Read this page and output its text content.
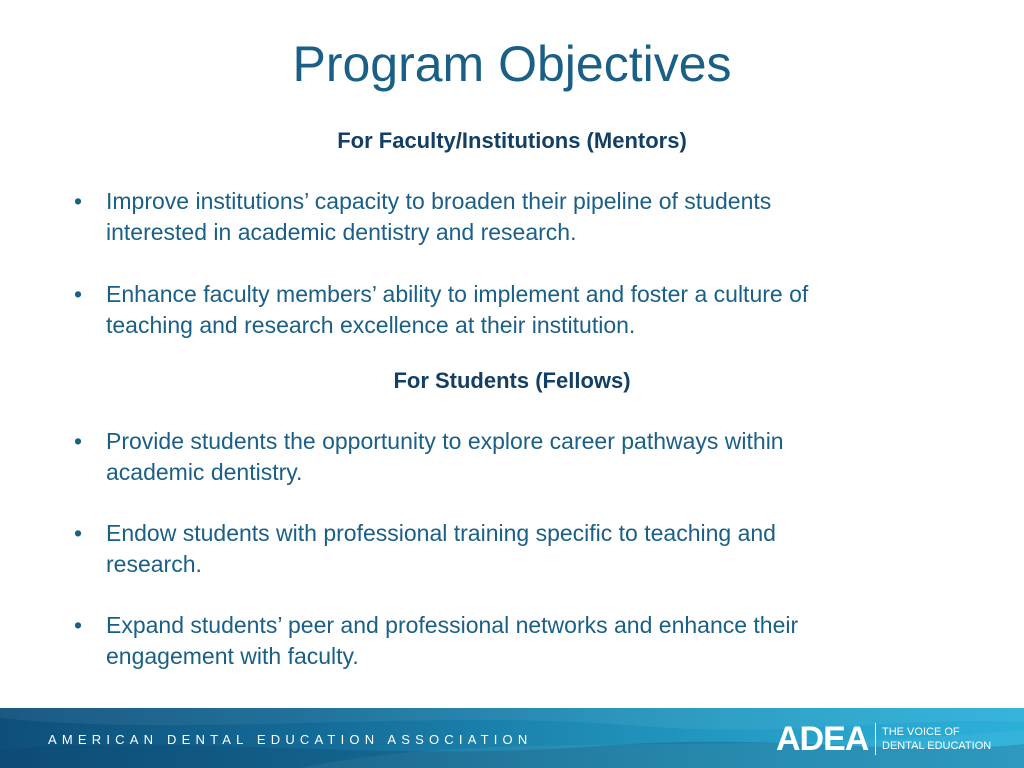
Program Objectives
For Faculty/Institutions (Mentors)
•	Improve institutions’ capacity to broaden their pipeline of students
interested in academic dentistry and research.
•	Enhance faculty members’ ability to implement and foster a culture of
teaching and research excellence at their institution.
For Students (Fellows)
•	Provide students the opportunity to explore career pathways within
academic dentistry.
•	Endow students with professional training specific to teaching and
research.
•	Expand students’ peer and professional networks and enhance their
engagement with faculty.
AMERICAN DENTAL EDUCATION ASSOCIATION	ADEA THE VOICE OF
DENTAL EDUCATION
